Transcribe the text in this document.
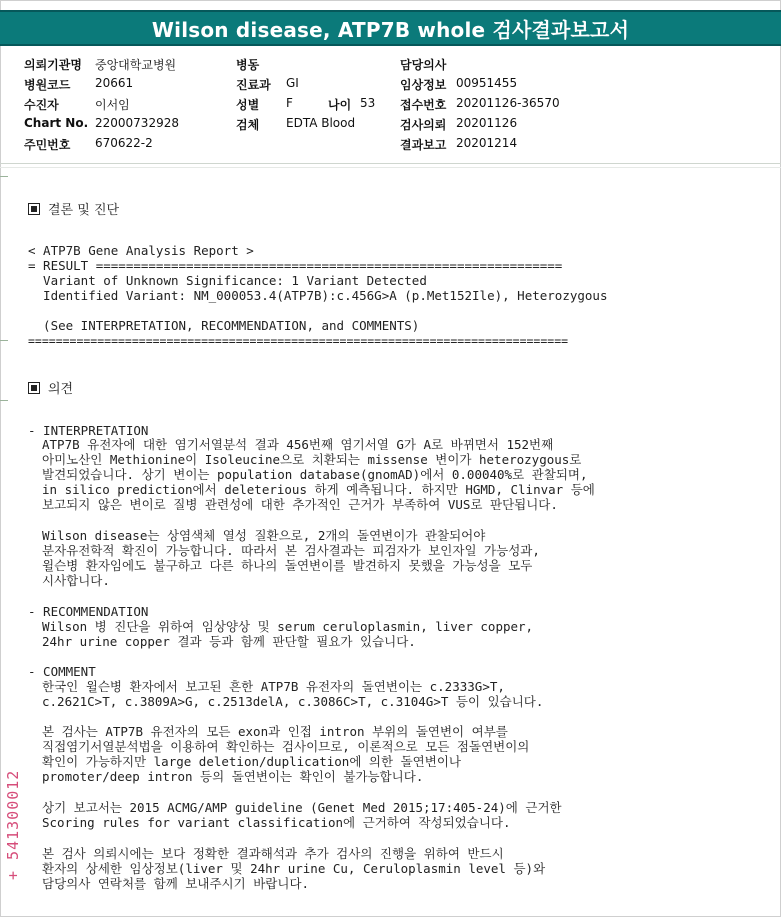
Wilson disease, ATP7B whole 검사결과보고서
의뢰기관명 중앙대학교병원	병동	담당의사
병원코드 20661	진료과 GI	임상정보 00951455
수진자	이서임	성별 F	나이 53 접수번호 20201126-36570
Chart No. 22000732928	검체 EDTA Blood	검사의뢰 20201126
주민번호 670622-2	결과보고 20201214
결론 및 진단
< ATP7B Gene Analysis Report >
= RESULT ==============================================================
Variant of Unknown Significance: 1 Variant Detected
Identified Variant: NM_000053.4(ATP7B):c.456G>A (p.Met152Ile), Heterozygous
(See INTERPRETATION, RECOMMENDATION, and COMMENTS)
==============================================================================
의견
- INTERPRETATION
ATP7B 유전자에 대한 염기서열분석 결과 456번째 염기서열 G가 A로 바뀌면서 152번째
아미노산인 Methionine이 Isoleucine으로 치환되는 missense 변이가 heterozygous로
발견되었습니다. 상기 변이는 population database(gnomAD)에서 0.00040%로 관찰되며,
in silico prediction에서 deleterious 하게 예측됩니다. 하지만 HGMD, Clinvar 등에
보고되지 않은 변이로 질병 관련성에 대한 추가적인 근거가 부족하여 VUS로 판단됩니다.
Wilson disease는 상염색체 열성 질환으로, 2개의 돌연변이가 관찰되어야
분자유전학적 확진이 가능합니다. 따라서 본 검사결과는 피검자가 보인자일 가능성과,
윌슨병 환자임에도 불구하고 다른 하나의 돌연변이를 발견하지 못했을 가능성을 모두
시사합니다.
- RECOMMENDATION
Wilson 병 진단을 위하여 임상양상 및 serum ceruloplasmin, liver copper,
24hr urine copper 결과 등과 함께 판단할 필요가 있습니다.
- COMMENT
한국인 윌슨병 환자에서 보고된 흔한 ATP7B 유전자의 돌연변이는 c.2333G>T,
c.2621C>T, c.3809A>G, c.2513delA, c.3086C>T, c.3104G>T 등이 있습니다.
본 검사는 ATP7B 유전자의 모든 exon과 인접 intron 부위의 돌연변이 여부를
직접염기서열분석법을 이용하여 확인하는 검사이므로, 이론적으로 모든 점돌연변이의
확인이 가능하지만 large deletion/duplication에 의한 돌연변이나
promoter/deep intron 등의 돌연변이는 확인이 불가능합니다.
상기 보고서는 2015 ACMG/AMP guideline (Genet Med 2015;17:405-24)에 근거한
Scoring rules for variant classification에 근거하여 작성되었습니다.
본 검사 의뢰시에는 보다 정확한 결과해석과 추가 검사의 진행을 위하여 반드시
환자의 상세한 임상정보(liver 및 24hr urine Cu, Ceruloplasmin level 등)와
담당의사 연락처를 함께 보내주시기 바랍니다.
+ 541300012
